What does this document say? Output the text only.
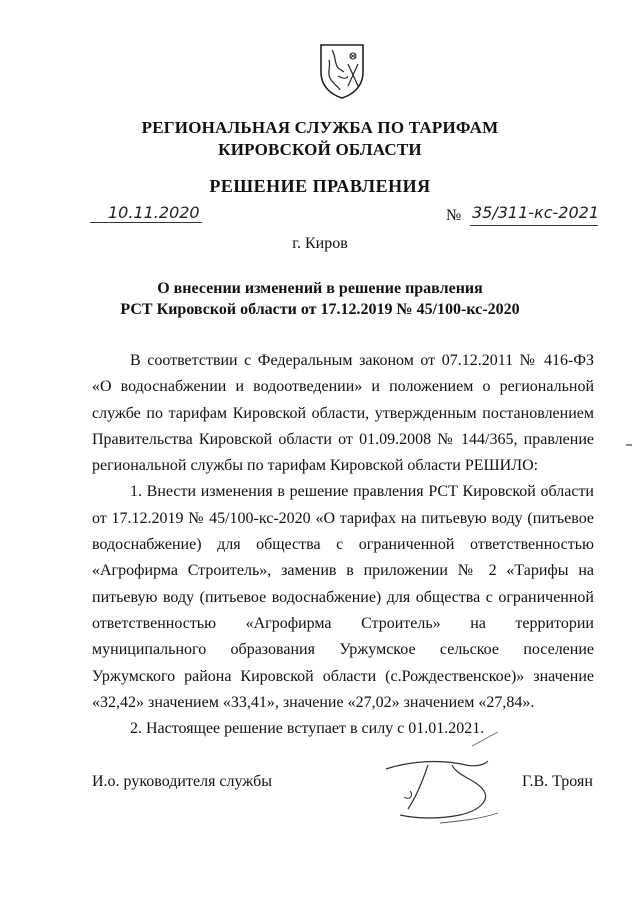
РЕГИОНАЛЬНАЯ СЛУЖБА ПО ТАРИФАМ
КИРОВСКОЙ ОБЛАСТИ
РЕШЕНИЕ ПРАВЛЕНИЯ
10.11.2020	№ 35/311-кс-2021
г. Киров
О внесении изменений в решение правления
РСТ Кировской области от 17.12.2019 № 45/100-кс-2020

В соответствии с Федеральным законом от 07.12.2011 № 416-ФЗ «О водоснабжении и водоотведении» и положением о региональной службе по тарифам Кировской области, утвержденным постановлением Правительства Кировской области от 01.09.2008 № 144/365, правление региональной службы по тарифам Кировской области РЕШИЛО:

1. Внести изменения в решение правления РСТ Кировской области от 17.12.2019 № 45/100-кс-2020 «О тарифах на питьевую воду (питьевое водоснабжение) для общества с ограниченной ответственностью «Агрофирма Строитель», заменив в приложении № 2 «Тарифы на питьевую воду (питьевое водоснабжение) для общества с ограниченной ответственностью «Агрофирма Строитель» на территории муниципального образования Уржумское сельское поселение Уржумского района Кировской области (с.Рождественское)» значение «32,42» значением «33,41», значение «27,02» значением «27,84».

2. Настоящее решение вступает в силу с 01.01.2021.

И.о. руководителя службы	Г.В. Троян
